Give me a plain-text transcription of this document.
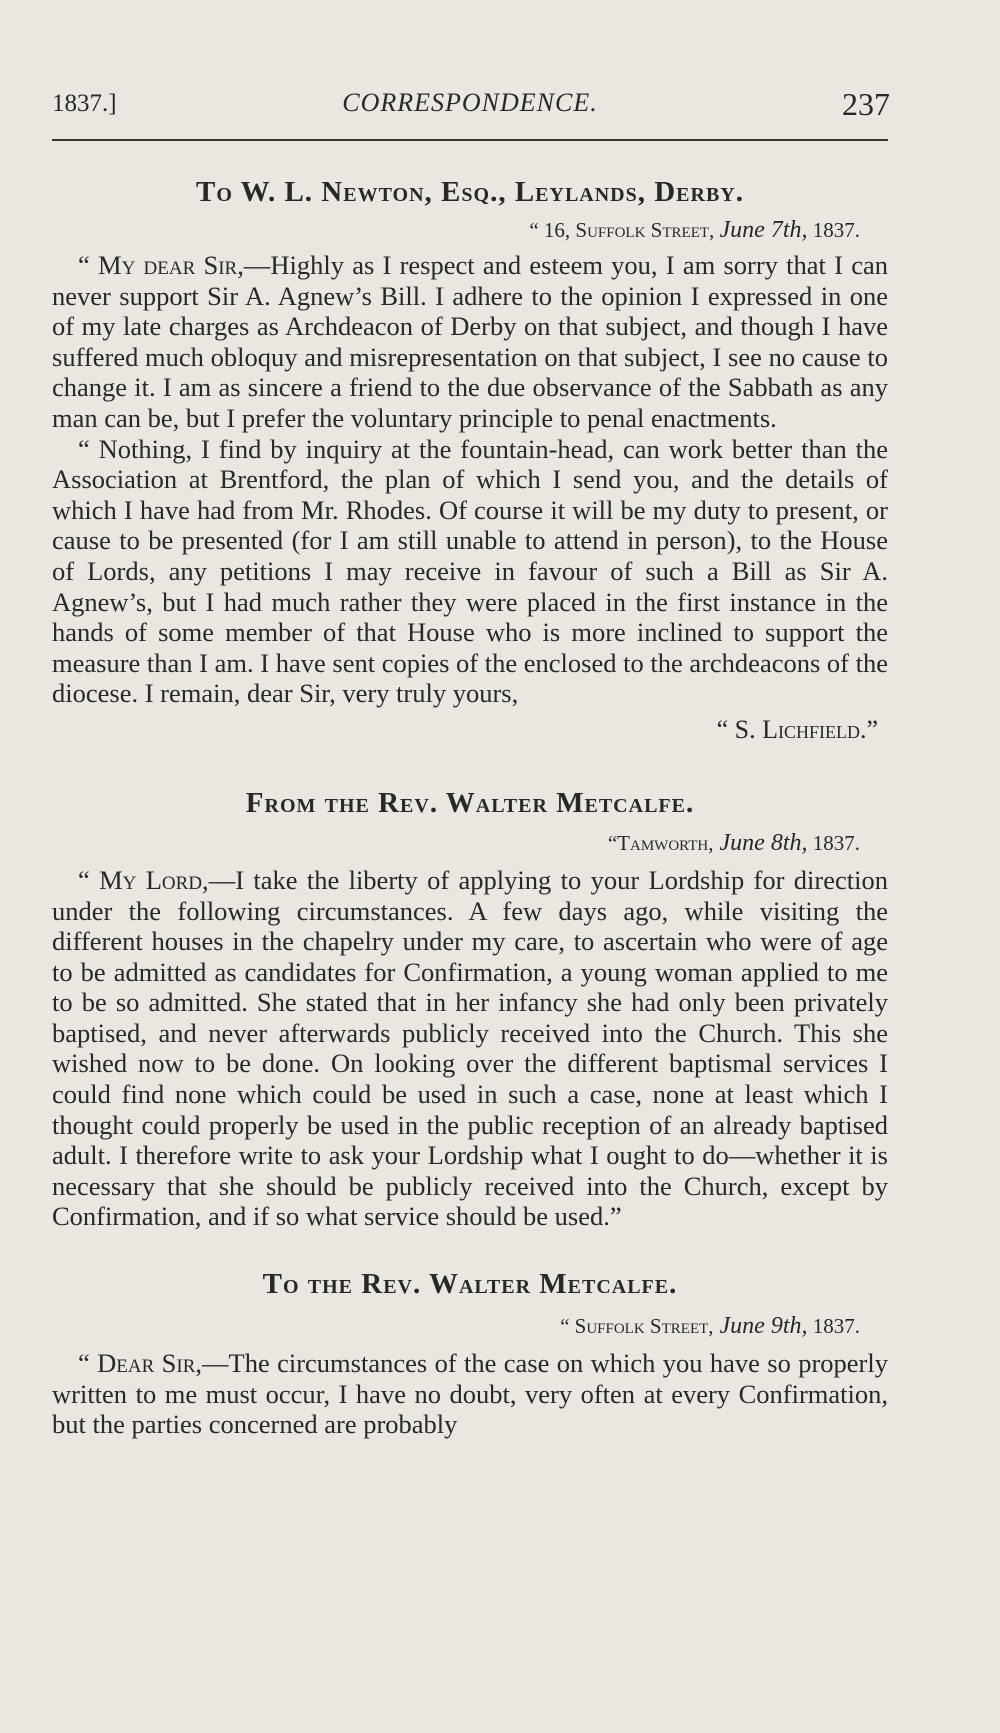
1837.]	CORRESPONDENCE.	237
To W. L. Newton, Esq., Leylands, Derby.
“ 16, Suffolk Street, June 7th, 1837.

“ My dear Sir,—Highly as I respect and esteem you, I am sorry that I can never support Sir A. Agnew’s Bill. I adhere to the opinion I expressed in one of my late charges as Archdeacon of Derby on that subject, and though I have suffered much obloquy and misrepresentation on that subject, I see no cause to change it. I am as sincere a friend to the due observance of the Sabbath as any man can be, but I prefer the voluntary principle to penal enactments.

“ Nothing, I find by inquiry at the fountain-head, can work better than the Association at Brentford, the plan of which I send you, and the details of which I have had from Mr. Rhodes. Of course it will be my duty to present, or cause to be presented (for I am still unable to attend in person), to the House of Lords, any petitions I may receive in favour of such a Bill as Sir A. Agnew’s, but I had much rather they were placed in the first instance in the hands of some member of that House who is more inclined to support the measure than I am. I have sent copies of the enclosed to the archdeacons of the diocese. I remain, dear Sir, very truly yours,

“ S. Lichfield.”
From the Rev. Walter Metcalfe.
“Tamworth, June 8th, 1837.

“ My Lord,—I take the liberty of applying to your Lordship for direction under the following circumstances. A few days ago, while visiting the different houses in the chapelry under my care, to ascertain who were of age to be admitted as candidates for Confirmation, a young woman applied to me to be so admitted. She stated that in her infancy she had only been privately baptised, and never afterwards publicly received into the Church. This she wished now to be done. On looking over the different baptismal services I could find none which could be used in such a case, none at least which I thought could properly be used in the public reception of an already baptised adult. I therefore write to ask your Lordship what I ought to do—whether it is necessary that she should be publicly received into the Church, except by Confirmation, and if so what service should be used.”

To the Rev. Walter Metcalfe.
“ Suffolk Street, June 9th, 1837.

“ Dear Sir,—The circumstances of the case on which you have so properly written to me must occur, I have no doubt, very often at every Confirmation, but the parties concerned are probably
